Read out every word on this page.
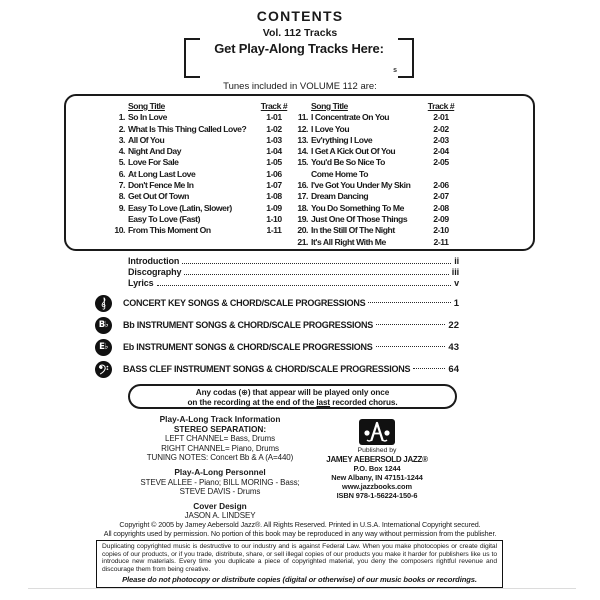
CONTENTS
Vol. 112 Tracks
Get Play-Along Tracks Here:
s
Tunes included in VOLUME 112 are:
	Song Title	Track #
1.	So In Love	1-01
2.	What Is This Thing Called Love?	1-02
3.	All Of You	1-03
4.	Night And Day	1-04
5.	Love For Sale	1-05
6.	At Long Last Love	1-06
7.	Don't Fence Me In	1-07
8.	Get Out Of Town	1-08
9.	Easy To Love (Latin, Slower)	1-09
	Easy To Love (Fast)	1-10
10.	From This Moment On	1-11
	Song Title	Track #
11.	I Concentrate On You	2-01
12.	I Love You	2-02
13.	Ev'rything I Love	2-03
14.	I Get A Kick Out Of You	2-04
15.	You'd Be So Nice To	2-05
	Come Home To	
16.	I've Got You Under My Skin	2-06
17.	Dream Dancing	2-07
18.	You Do Something To Me	2-08
19.	Just One Of Those Things	2-09
20.	In the Still Of The Night	2-10
21.	It's All Right With Me	2-11
Introduction	ii
Discography	iii
Lyrics	v
CONCERT KEY SONGS & CHORD/SCALE PROGRESSIONS	1
B♭ Bb INSTRUMENT SONGS & CHORD/SCALE PROGRESSIONS	22
E♭ Eb INSTRUMENT SONGS & CHORD/SCALE PROGRESSIONS	43
BASS CLEF INSTRUMENT SONGS & CHORD/SCALE PROGRESSIONS	64
Any codas (⊕) that appear will be played only once
on the recording at the end of the last recorded chorus.
Play-A-Long Track Information
STEREO SEPARATION:
LEFT CHANNEL= Bass, Drums
RIGHT CHANNEL= Piano, Drums
TUNING NOTES: Concert Bb & A (A=440)
Play-A-Long Personnel
STEVE ALLEE - Piano; BILL MORING - Bass;
STEVE DAVIS - Drums
Cover Design
JASON A. LINDSEY
Published by
JAMEY AEBERSOLD JAZZ®
P.O. Box 1244
New Albany, IN 47151-1244
www.jazzbooks.com
ISBN 978-1-56224-150-6
Copyright © 2005 by Jamey Aebersold Jazz®. All Rights Reserved. Printed in U.S.A. International Copyright secured.
All copyrights used by permission. No portion of this book may be reproduced in any way without permission from the publisher.
Duplicating copyrighted music is destructive to our industry and is against Federal Law. When you make photocopies or create digital copies of our products, or if you trade, distribute, share, or sell illegal copies of our products you make it harder for publishers like us to introduce new materials. Every time you duplicate a piece of copyrighted material, you deny the composers rightful revenue and discourage them from being creative.
Please do not photocopy or distribute copies (digital or otherwise) of our music books or recordings.
